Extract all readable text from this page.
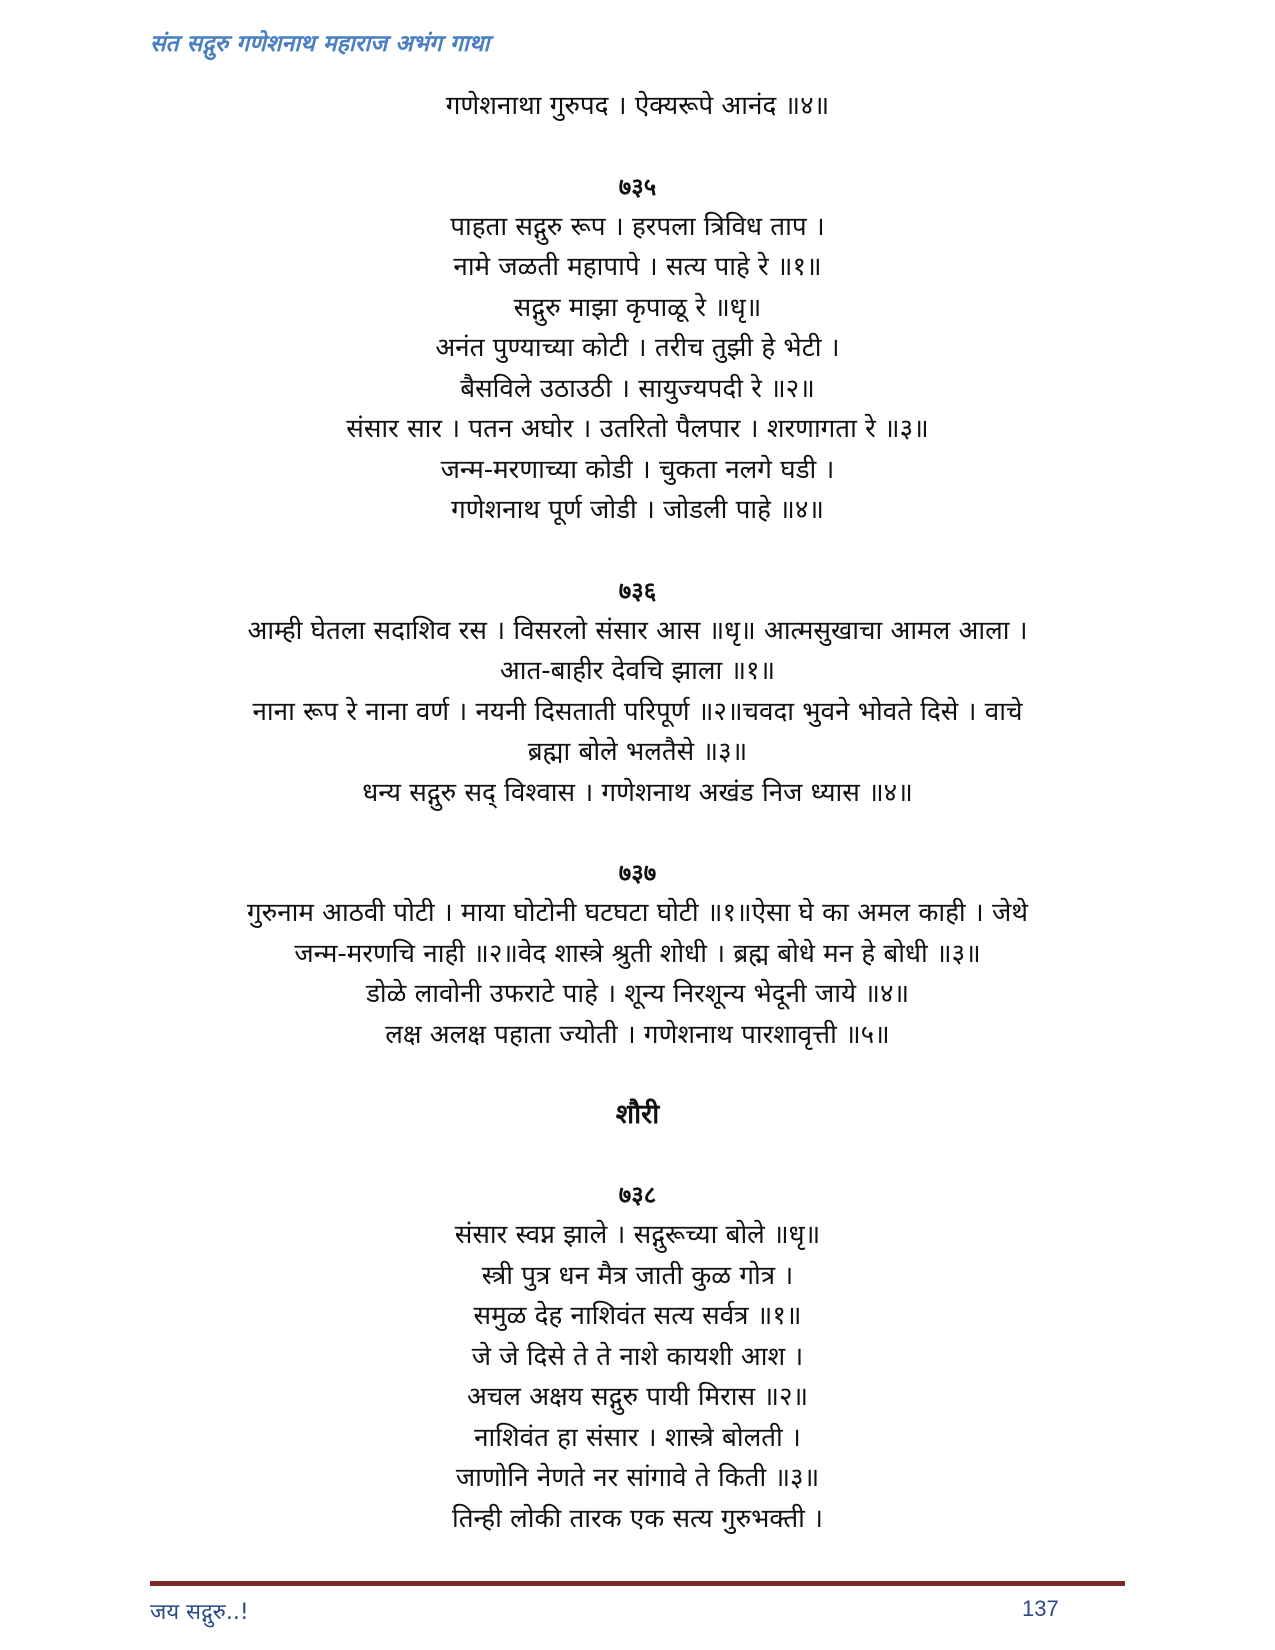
संत सद्गुरु गणेशनाथ महाराज अभंग गाथा

गणेशनाथा गुरुपद । ऐक्यरूपे आनंद ॥४॥

७३५

पाहता सद्गुरु रूप । हरपला त्रिविध ताप ।

नामे जळती महापापे । सत्य पाहे रे ॥१॥

सद्गुरु माझा कृपाळू रे ॥धृ॥

अनंत पुण्याच्या कोटी । तरीच तुझी हे भेटी ।

बैसविले उठाउठी । सायुज्यपदी रे ॥२॥

संसार सार । पतन अघोर । उतरितो पैलपार । शरणागता रे ॥३॥

जन्म-मरणाच्या कोडी । चुकता नलगे घडी ।

गणेशनाथ पूर्ण जोडी । जोडली पाहे ॥४॥

७३६

आम्ही घेतला सदाशिव रस । विसरलो संसार आस ॥धृ॥ आत्मसुखाचा आमल आला ।

आत-बाहीर देवचि झाला ॥१॥

नाना रूप रे नाना वर्ण । नयनी दिसताती परिपूर्ण ॥२॥चवदा भुवने भोवते दिसे । वाचे

ब्रह्मा बोले भलतैसे ॥३॥

धन्य सद्गुरु सद् विश्वास । गणेशनाथ अखंड निज ध्यास ॥४॥

७३७

गुरुनाम आठवी पोटी । माया घोटोनी घटघटा घोटी ॥१॥ऐसा घे का अमल काही । जेथे

जन्म-मरणचि नाही ॥२॥वेद शास्त्रे श्रुती शोधी । ब्रह्म बोधे मन हे बोधी ॥३॥

डोळे लावोनी उफराटे पाहे । शून्य निरशून्य भेदूनी जाये ॥४॥

लक्ष अलक्ष पहाता ज्योती । गणेशनाथ पारशावृत्ती ॥५॥

शौरी
७३८

संसार स्वप्न झाले । सद्गुरूच्या बोले ॥धृ॥

स्त्री पुत्र धन मैत्र जाती कुळ गोत्र ।

समुळ देह नाशिवंत सत्य सर्वत्र ॥१॥

जे जे दिसे ते ते नाशे कायशी आश ।

अचल अक्षय सद्गुरु पायी मिरास ॥२॥

नाशिवंत हा संसार । शास्त्रे बोलती ।

जाणोनि नेणते नर सांगावे ते किती ॥३॥

तिन्ही लोकी तारक एक सत्य गुरुभक्ती ।

जय सद्गुरु..!	137
